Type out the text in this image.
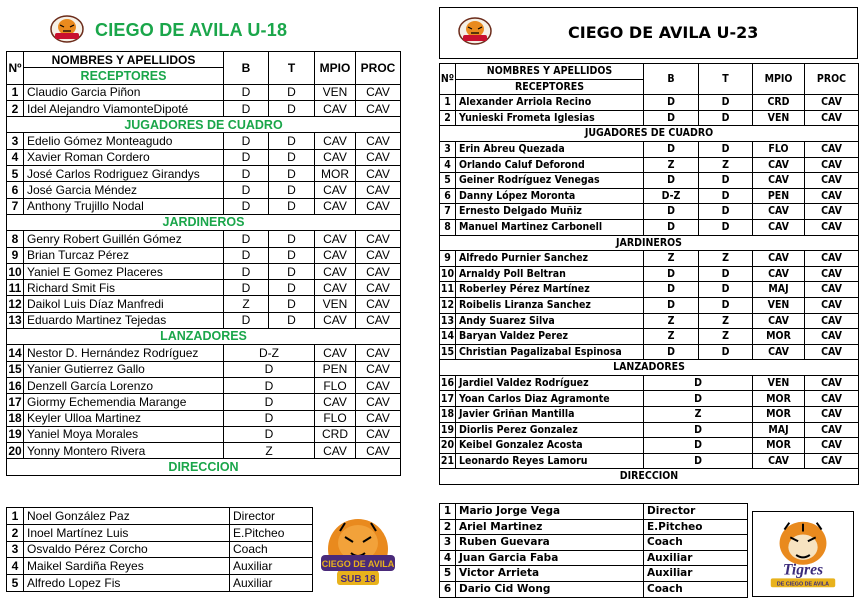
CIEGO DE AVILA U-18
Nº	NOMBRES Y APELLIDOS	B	T	MPIO	PROC
	RECEPTORES				
1	Claudio Garcia Piñon	D	D	VEN	CAV
2	Idel Alejandro ViamonteDipoté	D	D	CAV	CAV
JUGADORES DE CUADRO					
3	Edelio Gómez Monteagudo	D	D	CAV	CAV
4	Xavier Roman Cordero	D	D	CAV	CAV
5	José Carlos Rodriguez Girandys	D	D	MOR	CAV
6	José Garcia Méndez	D	D	CAV	CAV
7	Anthony Trujillo Nodal	D	D	CAV	CAV
JARDINEROS					
8	Genry Robert Guillén Gómez	D	D	CAV	CAV
9	Brian Turcaz Pérez	D	D	CAV	CAV
10	Yaniel E Gomez Placeres	D	D	CAV	CAV
11	Richard Smit Fis	D	D	CAV	CAV
12	Daikol Luis Díaz Manfredi	Z	D	VEN	CAV
13	Eduardo Martinez Tejedas	D	D	CAV	CAV
LANZADORES					
14	Nestor D. Hernández Rodríguez	D-Z		CAV	CAV
15	Yanier Gutierrez Gallo	D		PEN	CAV
16	Denzell García Lorenzo	D		FLO	CAV
17	Giormy Echemendia Marange	D		CAV	CAV
18	Keyler Ulloa Martinez	D		FLO	CAV
19	Yaniel Moya Morales	D		CRD	CAV
20	Yonny Montero Rivera	Z		CAV	CAV
DIRECCION					
1	Noel González Paz	Director
2	Inoel Martínez Luis	E.Pitcheo
3	Osvaldo Pérez Corcho	Coach
4	Maikel Sardiña Reyes	Auxiliar
5	Alfredo Lopez Fis	Auxiliar
CIEGO DE AVILA
SUB 18
CIEGO DE AVILA U-23
Nº	NOMBRES Y APELLIDOS	B	T	MPIO	PROC
	RECEPTORES				
1	Alexander Arriola Recino	D	D	CRD	CAV
2	Yunieski Frometa Iglesias	D	D	VEN	CAV
JUGADORES DE CUADRO					
3	Erin Abreu Quezada	D	D	FLO	CAV
4	Orlando Caluf Deforond	Z	Z	CAV	CAV
5	Geiner Rodríguez Venegas	D	D	CAV	CAV
6	Danny López Moronta	D-Z	D	PEN	CAV
7	Ernesto Delgado Muñiz	D	D	CAV	CAV
8	Manuel Martinez Carbonell	D	D	CAV	CAV
JARDINEROS					
9	Alfredo Purnier Sanchez	Z	Z	CAV	CAV
10	Arnaldy Poll Beltran	D	D	CAV	CAV
11	Roberley Pérez Martínez	D	D	MAJ	CAV
12	Roibelis Liranza Sanchez	D	D	VEN	CAV
13	Andy Suarez Silva	Z	Z	CAV	CAV
14	Baryan Valdez Perez	Z	Z	MOR	CAV
15	Christian Pagalizabal Espinosa	D	D	CAV	CAV
LANZADORES					
16	Jardiel Valdez Rodríguez	D		VEN	CAV
17	Yoan Carlos Diaz Agramonte	D		MOR	CAV
18	Javier Griñan Mantilla	Z		MOR	CAV
19	Diorlis Perez Gonzalez	D		MAJ	CAV
20	Keibel Gonzalez Acosta	D		MOR	CAV
21	Leonardo Reyes Lamoru	D		CAV	CAV
DIRECCION					
1	Mario Jorge Vega	Director
2	Ariel Martinez	E.Pitcheo
3	Ruben Guevara	Coach
4	Juan Garcia Faba	Auxiliar
5	Victor Arrieta	Auxiliar
6	Dario Cid Wong	Coach
Tigres
DE CIEGO DE AVILA
